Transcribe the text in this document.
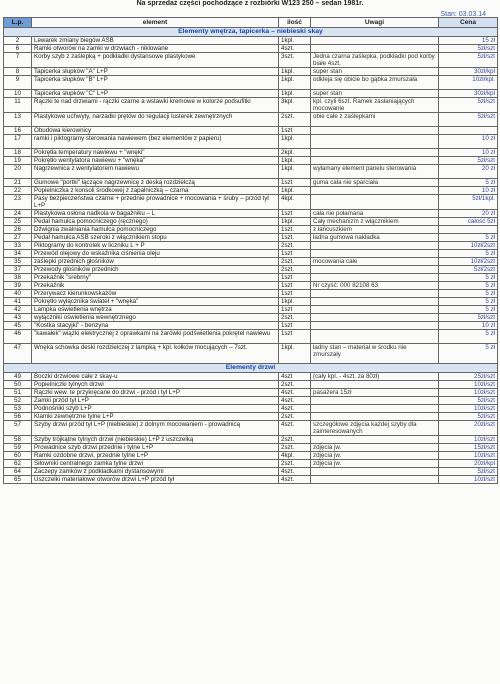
Na sprzedaż części pochodzące z rozbiórki W123 250 – sedan 1981r.
Stan: 03.03.14
L.p.	element	ilość	Uwagi	Cena
Elementy wnętrza, tapicerka – niebieski skay				
2	Lewarek zmiany biegów ASB	1kpl.		15 zł
6	Ramki otworów na zamki w drzwiach - niklowane	4szt.		5zł/szt
7	Korby szyb z zaślepką + podkładki dystansowe plastykowe	3szt.	Jedna czarna zaślepka, podkładki pod korby białe 4szt.	5zł/szt
8	Tapicerka słupków "A" L+P	1kpl.	super stan	30zł/kpl
9	Tapicerka słupków "B" L+P	1kpl.	odkleja się obicie bo gąbka zmurszała	10zł/kpl.
10	Tapicerka słupków "C" L+P	1kpl.	super stan	30zł/kpl
11	Rączki te nad drzwiami - rączki czarne a wstawki kremowe w kolorze podsufitki	3kpl.	kpl. czyli 6szt. Ramek zasłaniających mocowanie	5zł/szt
13	Plastykowe uchwyty, narzadki prętów do regulacji lusterek zewnętrznych	2szt.	obie całe z zaślepkami	5zł/szt
16	Obudowa kierownicy	1szt		
17	ramki i piktogramy sterowania nawiewem (bez elementów z papieru)	1kpl.		10 zł
18	Pokrętła temperatury nawiewu + "wnęki"	2kpl.		10 zł
19	Pokrętło wentylatora nawiewu + "wnęka"	1kpl.		5zł/szt
20	Nagrzewnica z wentylatorem nawiewu	1kpl.	wyłamany element panelu sterowania	20 zł
21	Gumowe "portki" łączące nagrzewnicę z deską rozdzielczą	1szt	guma cała nie sparciała	5 zł
22	Popielniczka z konsoli środkowej z zapalniczką – czarna	1kpl.		10 zł
23	Pasy bezpieczeństwa czarne + przednie prowadnice + mocowania + śruby – przód tył L+P	4kpl.		5zł/1kpl.
24	Plastykowa osłona nadkola w bagażniku – L	1szt	cała nie połamana	20 zł
25	Pedał hamulca pomocniczego (ręcznego)	1kpl.	Cały mechanizm z włącznikiem	całość 5zł
26	Dźwignia zwalniania hamulca pomocniczego	1szt.	z łańcuszkiem	
27	Pedał hamulca ASB szeroki z włącznikiem stopu	1szt.	ładna gumowa nakładka	5 zł
33	Piktogramy do kontrolek w liczniku L + P	2szt.		10zł/2szt
34	Przewód olejowy do wskaźnika ciśnienia oleju	1szt		5 zł
35	zaślepki przednich głośników	2szt.	mocowania całe	10zł/2szt
37	Przewody głośników przednich	2szt.		5zł/2szt
38	Przekaźnik "srebrny"	1szt		5 zł
39	Przekaźnik	1szt	Nr czyść: 000 82108 63	5 zł
40	Przerywacz kierunkowskazów	1szt		5 zł
41	Pokrętło wyłącznika świateł + "wnęka"	1kpl.		5 zł
42	Lampka oświetlenia wnętrza	1szt		5 zł
43	wyłączniki oświetlenia wewnętrznego	2szt.		5zł/szt
45	"Kostka stacyjki" - benzyna	1szt		10 zł
46	"kawałek" wiązki elektrycznej z oprawkami na żarówki podświetlenia pokrętel nawiewu	1szt		5 zł
47	Wnęka schowka deski rozdzielczej z lampką + kpl. kołków mocujących – 7szt.	1kpl.	ładny stan – materiał w środku nie zmurszały	5 zł
Elementy drzwi				
49	Boczki drzwiowe całe z skay-u	4szt	(cały kpl. - 4szt. za 80zł)	25zł/szt
50	Popielniczki tylnych drzwi	2szt.		10zł/szt
51	Rączki wew. te przykręcane do drzwi - przód i tył L+P	4szt.	pasażera 15zł	10zł/szt
52	Zamki przód tył L+P	4szt.		5zł/szt
53	Podnośniki szyb L+P	4szt.		10zł/szt
56	Klamki zewnętrzne tylne L+P	2szt.		5zł/szt
57	Szyby drzwi przód tył L+P (niebieskie) z dolnym mocowaniem - prowadnicą	4szt.	szczegółowe zdjęcia każdej szyby dla zainteresowanych	20zł/szt
58	Szyby trójkątne tylnych drzwi (niebieskie) L+P z uszczelką	2szt.		10zł/szt
59	Prowadnice szyb drzwi przednie i tylne L+P	2szt.	zdjęcia jw.	15zł/szt
60	Ramki ozdobne drzwi, przednie tylne L+P	4kpl.	zdjęcia jw.	10zł/szt
62	Siłowniki centralnego zamka tylne drzwi	2szt.	zdjęcia jw.	20zł/kpl
64	Zaczepy zamków z podkładkami dystansowymi	4szt.		5zł/szt
65	Uszczelki materiałowe otworów drzwi L+P przód tył	4szt.		10zł/szt
